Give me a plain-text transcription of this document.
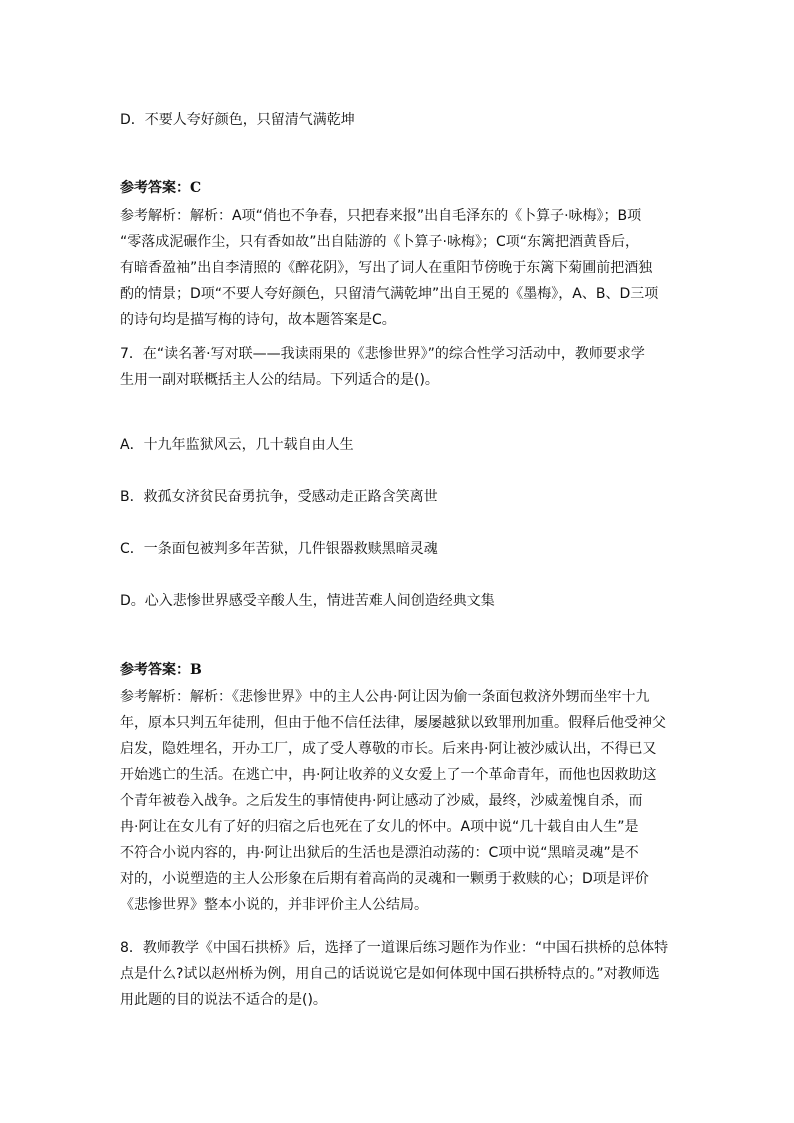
D．不要人夸好颜色，只留清气满乾坤
参考答案：C
参考解析：解析：A项“俏也不争春，只把春来报”出自毛泽东的《卜算子·咏梅》；B项
“零落成泥碾作尘，只有香如故”出自陆游的《卜算子·咏梅》；C项“东篱把酒黄昏后，
有暗香盈袖”出自李清照的《醉花阴》，写出了词人在重阳节傍晚于东篱下菊圃前把酒独
酌的情景；D项“不要人夸好颜色，只留清气满乾坤”出自王冕的《墨梅》，A、B、D三项
的诗句均是描写梅的诗句，故本题答案是C。
7．在“读名著·写对联——我读雨果的《悲惨世界》”的综合性学习活动中，教师要求学
生用一副对联概括主人公的结局。下列适合的是()。
A．十九年监狱风云，几十载自由人生
B．救孤女济贫民奋勇抗争，受感动走正路含笑离世
C．一条面包被判多年苦狱，几件银器救赎黑暗灵魂
D。心入悲惨世界感受辛酸人生，情进苦难人间创造经典文集
参考答案：B
参考解析：解析：《悲惨世界》中的主人公冉·阿让因为偷一条面包救济外甥而坐牢十九
年，原本只判五年徒刑，但由于他不信任法律，屡屡越狱以致罪刑加重。假释后他受神父
启发，隐姓埋名，开办工厂，成了受人尊敬的市长。后来冉·阿让被沙威认出，不得已又
开始逃亡的生活。在逃亡中，冉·阿让收养的义女爱上了一个革命青年，而他也因救助这
个青年被卷入战争。之后发生的事情使冉·阿让感动了沙威，最终，沙威羞愧自杀，而
冉·阿让在女儿有了好的归宿之后也死在了女儿的怀中。A项中说“几十载自由人生”是
不符合小说内容的，冉·阿让出狱后的生活也是漂泊动荡的：C项中说“黑暗灵魂”是不
对的，小说塑造的主人公形象在后期有着高尚的灵魂和一颗勇于救赎的心；D项是评价
《悲惨世界》整本小说的，并非评价主人公结局。
8．教师教学《中国石拱桥》后，选择了一道课后练习题作为作业：“中国石拱桥的总体特
点是什么?试以赵州桥为例，用自己的话说说它是如何体现中国石拱桥特点的。”对教师选
用此题的目的说法不适合的是()。
